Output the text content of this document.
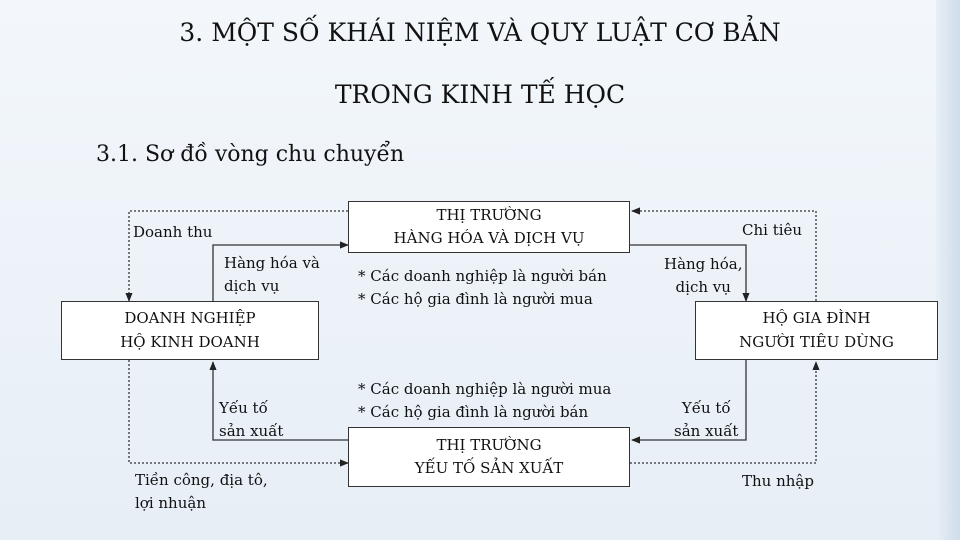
3. MỘT SỐ KHÁI NIỆM VÀ QUY LUẬT CƠ BẢN
TRONG KINH TẾ HỌC
3.1. Sơ đồ vòng chu chuyển
DOANH NGHIỆP
HỘ KINH DOANH
HỘ GIA ĐÌNH
NGƯỜI TIÊU DÙNG
THỊ TRƯỜNG
HÀNG HÓA VÀ DỊCH VỤ
THỊ TRƯỜNG
YẾU TỐ SẢN XUẤT
Doanh thu
Hàng hóa và
dịch vụ
Yếu tố
sản xuất
Tiền công, địa tô,
lợi nhuận
Chi tiêu
Hàng hóa,
dịch vụ
Yếu tố
sản xuất
Thu nhập
* Các doanh nghiệp là người bán
* Các hộ gia đình là người mua
* Các doanh nghiệp là người mua
* Các hộ gia đình là người bán
